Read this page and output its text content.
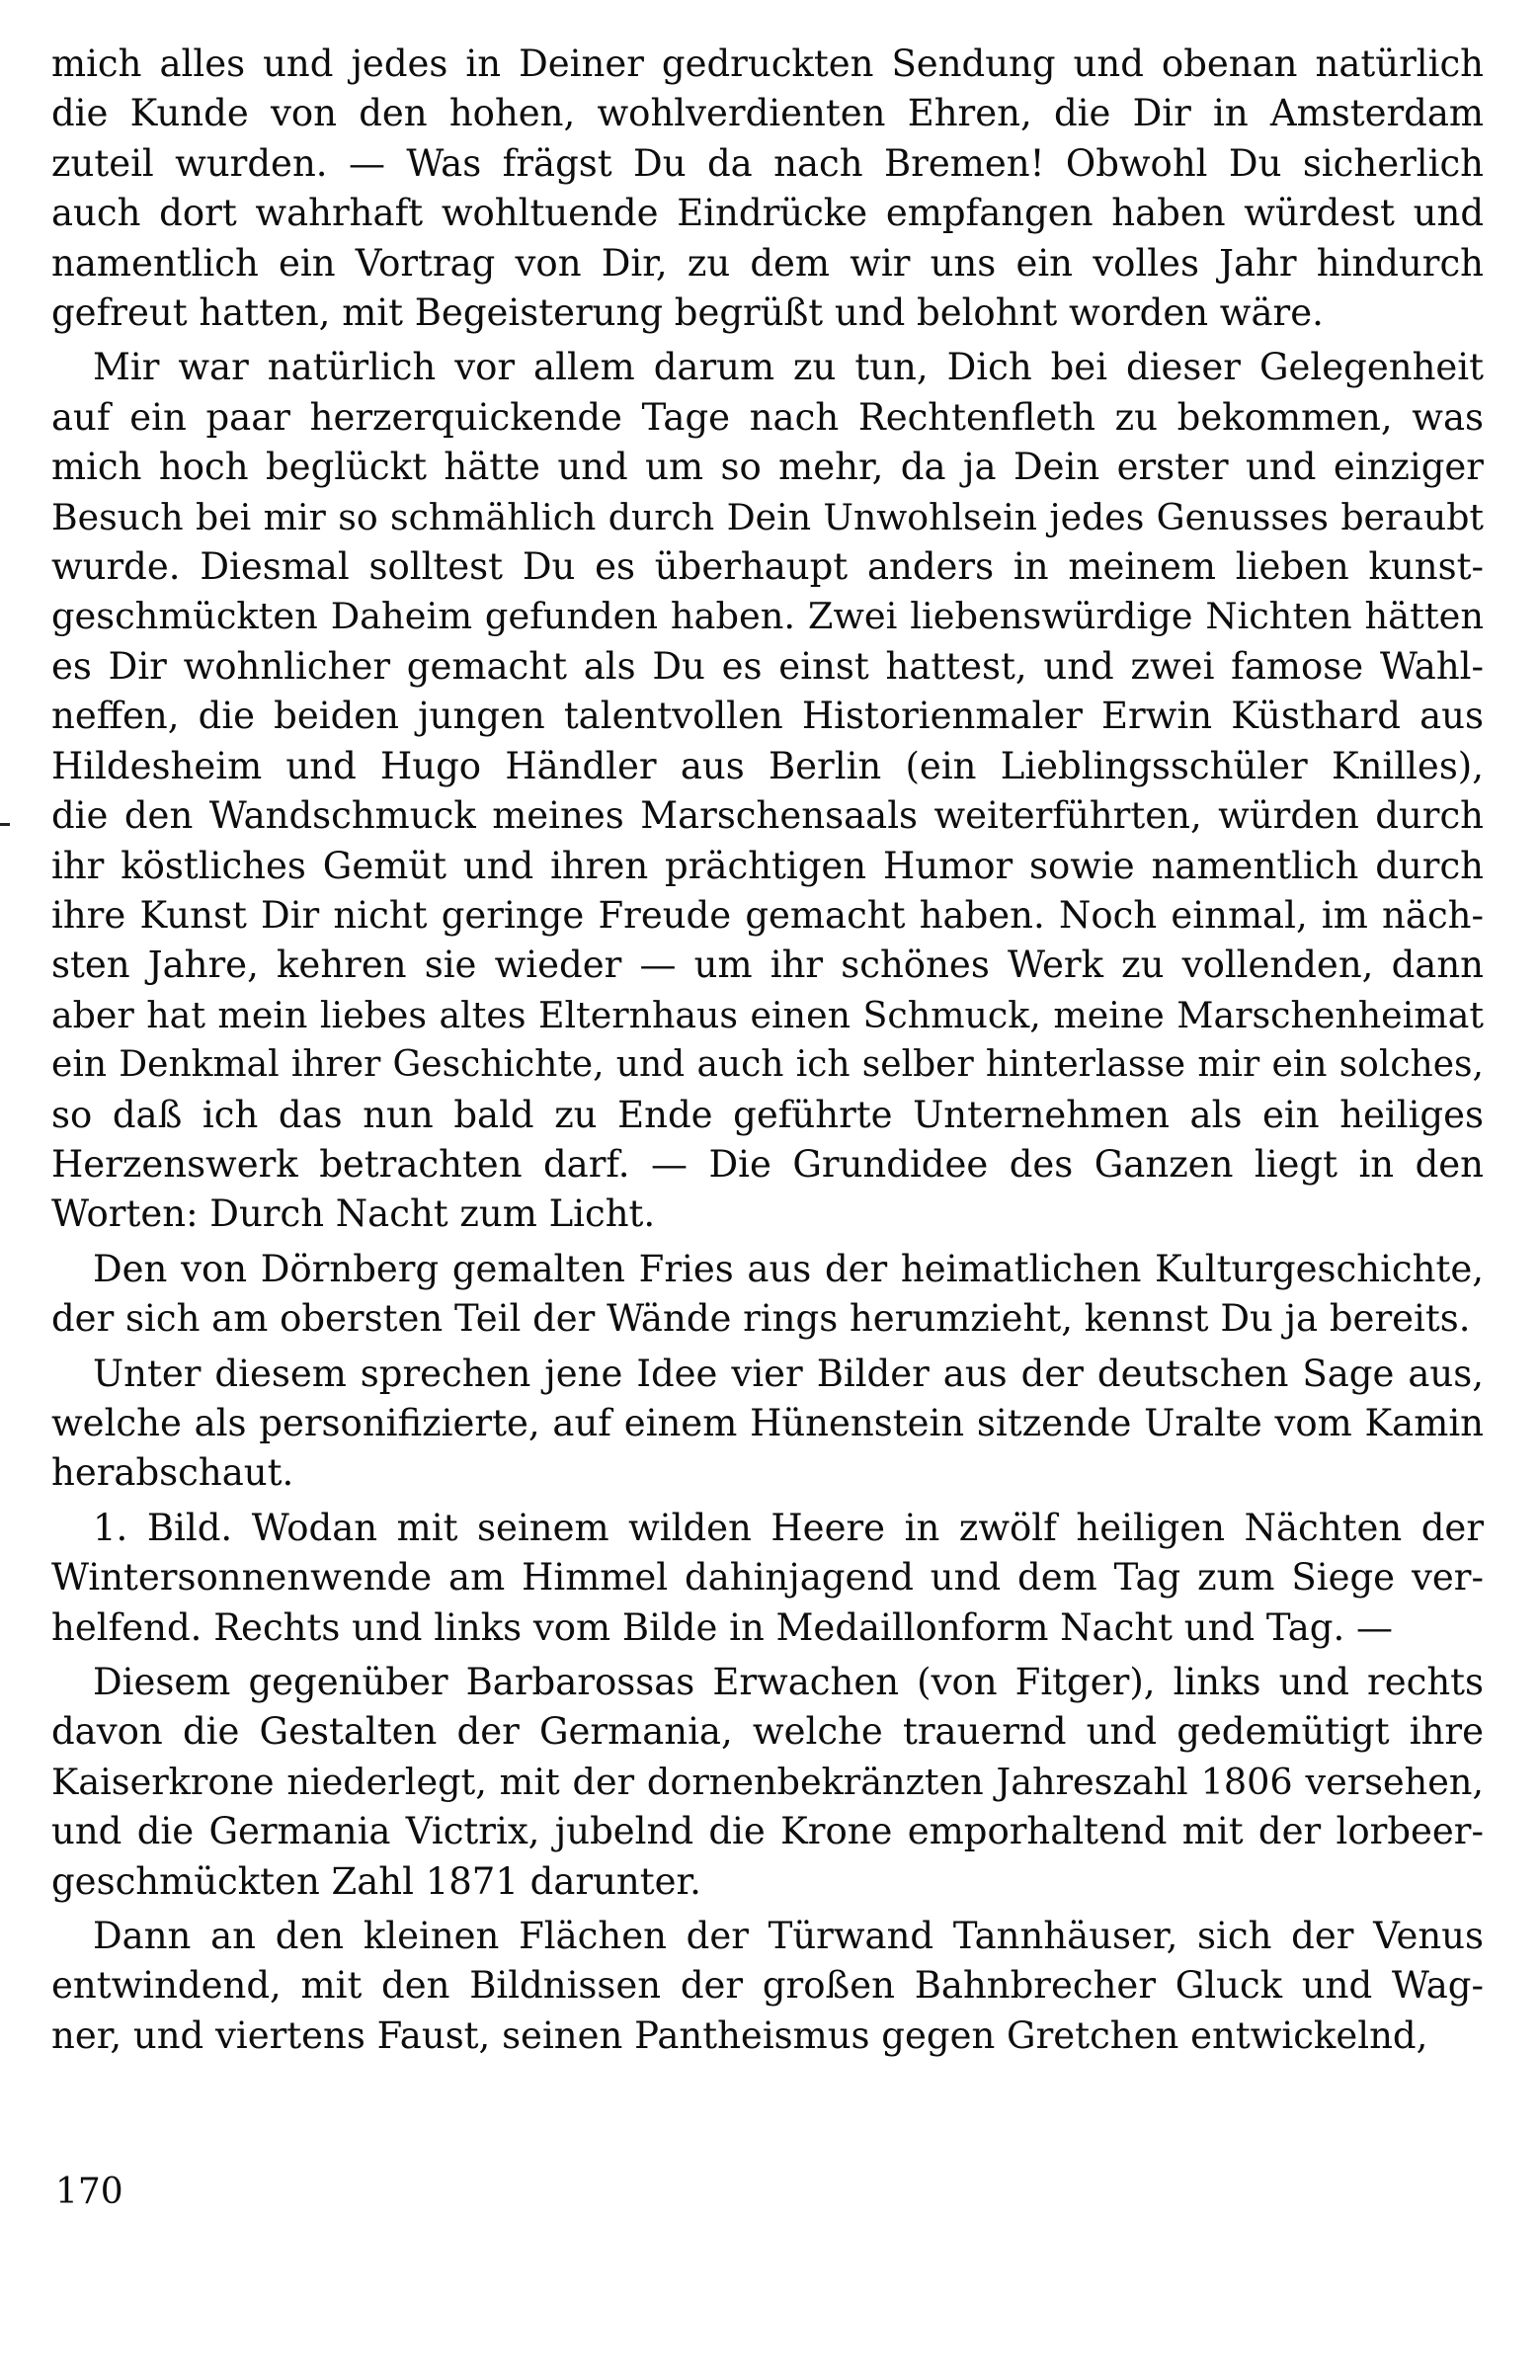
mich alles und jedes in Deiner gedruckten Sendung und obenan natürlich
die Kunde von den hohen, wohlverdienten Ehren, die Dir in Amsterdam
zuteil wurden. — Was frägst Du da nach Bremen! Obwohl Du sicherlich
auch dort wahrhaft wohltuende Eindrücke empfangen haben würdest und
namentlich ein Vortrag von Dir, zu dem wir uns ein volles Jahr hindurch
gefreut hatten, mit Begeisterung begrüßt und belohnt worden wäre.
Mir war natürlich vor allem darum zu tun, Dich bei dieser Gelegenheit
auf ein paar herzerquickende Tage nach Rechtenfleth zu bekommen, was
mich hoch beglückt hätte und um so mehr, da ja Dein erster und einziger
Besuch bei mir so schmählich durch Dein Unwohlsein jedes Genusses beraubt
wurde. Diesmal solltest Du es überhaupt anders in meinem lieben kunst-
geschmückten Daheim gefunden haben. Zwei liebenswürdige Nichten hätten
es Dir wohnlicher gemacht als Du es einst hattest, und zwei famose Wahl-
neffen, die beiden jungen talentvollen Historienmaler Erwin Küsthard aus
Hildesheim und Hugo Händler aus Berlin (ein Lieblingsschüler Knilles),
die den Wandschmuck meines Marschensaals weiterführten, würden durch
ihr köstliches Gemüt und ihren prächtigen Humor sowie namentlich durch
ihre Kunst Dir nicht geringe Freude gemacht haben. Noch einmal, im näch-
sten Jahre, kehren sie wieder — um ihr schönes Werk zu vollenden, dann
aber hat mein liebes altes Elternhaus einen Schmuck, meine Marschenheimat
ein Denkmal ihrer Geschichte, und auch ich selber hinterlasse mir ein solches,
so daß ich das nun bald zu Ende geführte Unternehmen als ein heiliges
Herzenswerk betrachten darf. — Die Grundidee des Ganzen liegt in den
Worten: Durch Nacht zum Licht.
Den von Dörnberg gemalten Fries aus der heimatlichen Kulturgeschichte,
der sich am obersten Teil der Wände rings herumzieht, kennst Du ja bereits.
Unter diesem sprechen jene Idee vier Bilder aus der deutschen Sage aus,
welche als personifizierte, auf einem Hünenstein sitzende Uralte vom Kamin
herabschaut.
1. Bild. Wodan mit seinem wilden Heere in zwölf heiligen Nächten der
Wintersonnenwende am Himmel dahinjagend und dem Tag zum Siege ver-
helfend. Rechts und links vom Bilde in Medaillonform Nacht und Tag. —
Diesem gegenüber Barbarossas Erwachen (von Fitger), links und rechts
davon die Gestalten der Germania, welche trauernd und gedemütigt ihre
Kaiserkrone niederlegt, mit der dornenbekränzten Jahreszahl 1806 versehen,
und die Germania Victrix, jubelnd die Krone emporhaltend mit der lorbeer-
geschmückten Zahl 1871 darunter.
Dann an den kleinen Flächen der Türwand Tannhäuser, sich der Venus
entwindend, mit den Bildnissen der großen Bahnbrecher Gluck und Wag-
ner, und viertens Faust, seinen Pantheismus gegen Gretchen entwickelnd,
170
